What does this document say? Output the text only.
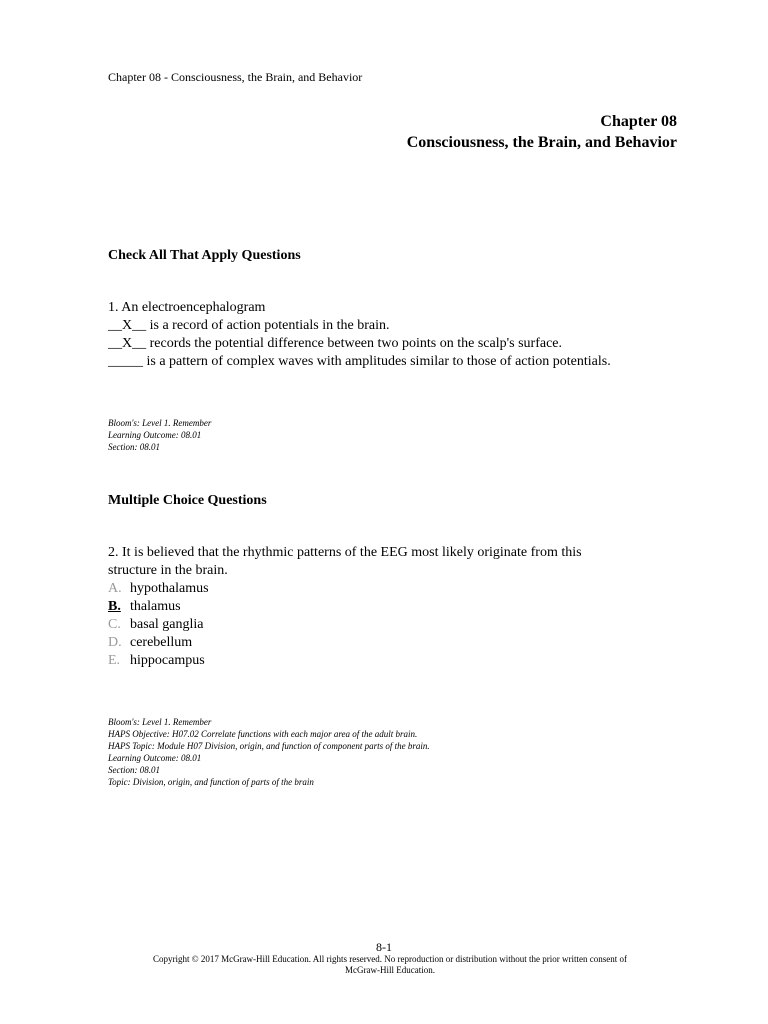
Chapter 08 - Consciousness, the Brain, and Behavior
Chapter 08
Consciousness, the Brain, and Behavior
Check All That Apply Questions
1. An electroencephalogram
__X__ is a record of action potentials in the brain.
__X__ records the potential difference between two points on the scalp's surface.
_____ is a pattern of complex waves with amplitudes similar to those of action potentials.
Bloom's: Level 1. Remember
Learning Outcome: 08.01
Section: 08.01
Multiple Choice Questions
2. It is believed that the rhythmic patterns of the EEG most likely originate from this
structure in the brain.
A. hypothalamus
B. thalamus
C. basal ganglia
D. cerebellum
E. hippocampus
Bloom's: Level 1. Remember
HAPS Objective: H07.02 Correlate functions with each major area of the adult brain.
HAPS Topic: Module H07 Division, origin, and function of component parts of the brain.
Learning Outcome: 08.01
Section: 08.01
Topic: Division, origin, and function of parts of the brain
8-1
Copyright © 2017 McGraw-Hill Education. All rights reserved. No reproduction or distribution without the prior written consent of
McGraw-Hill Education.
